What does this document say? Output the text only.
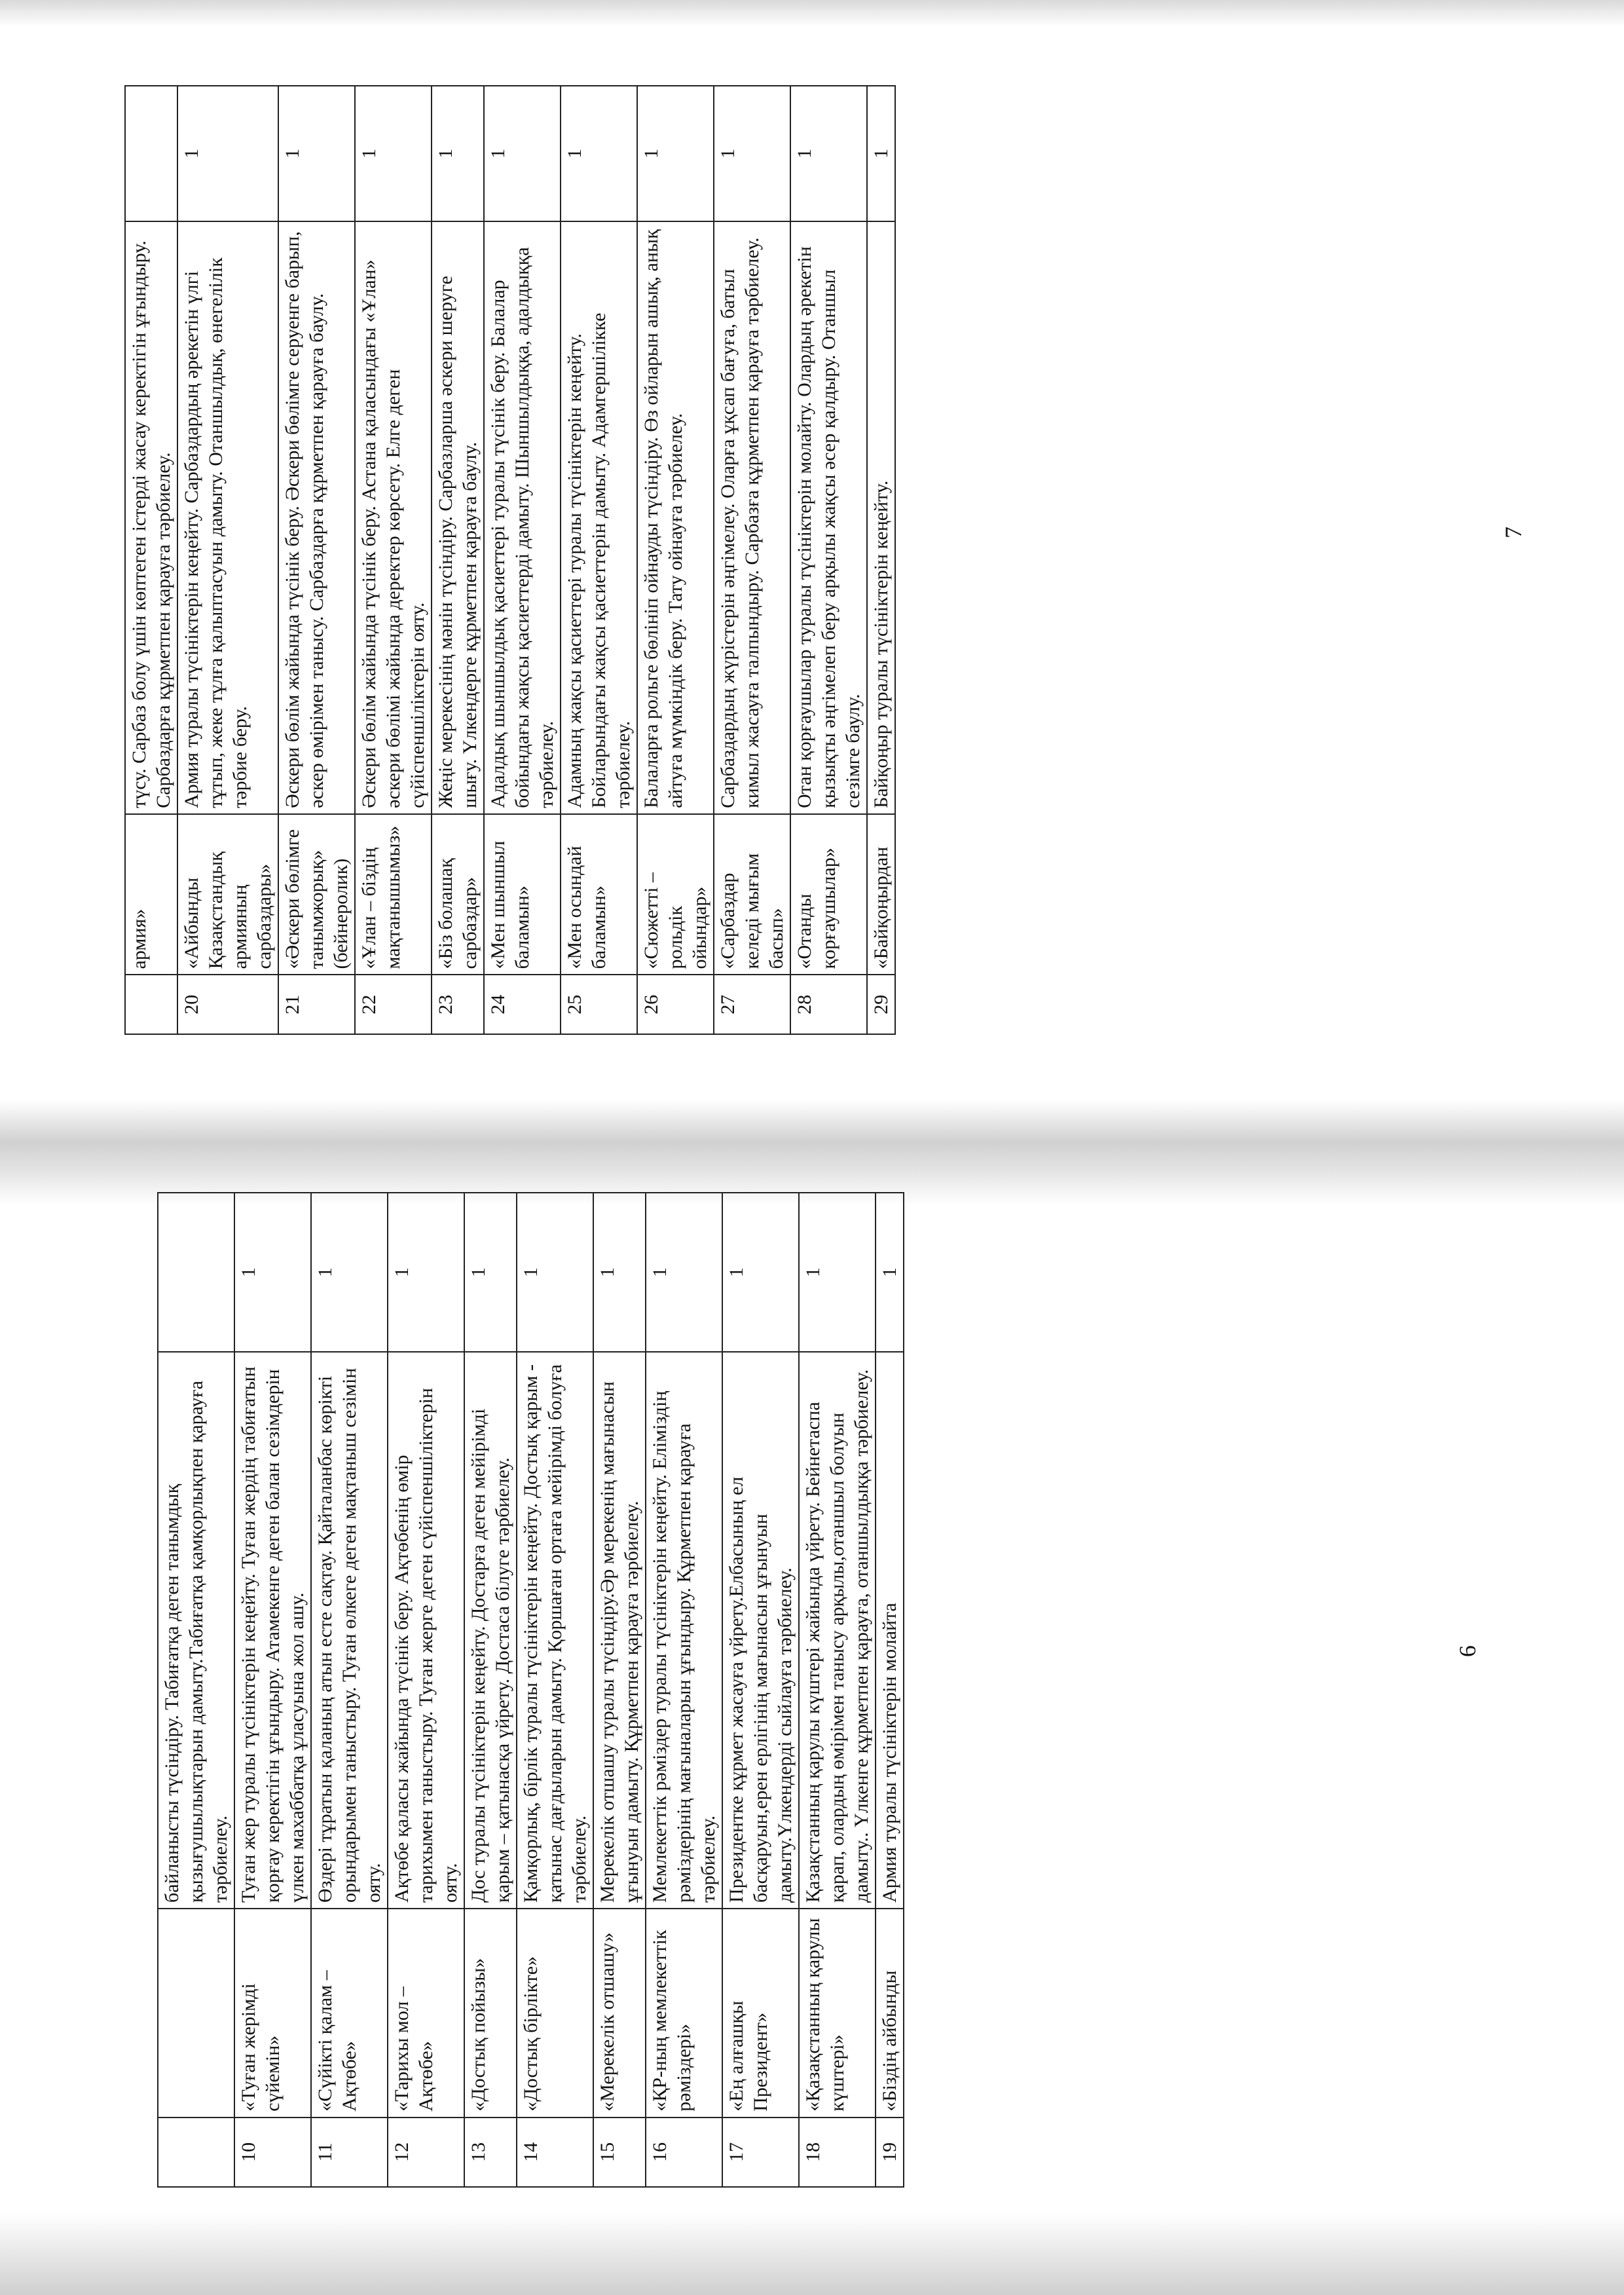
	армия»	түсу. Сарбаз болу үшін көптеген істерді жасау керектігін ұғындыру. Сарбаздарға құрметпен қарауға тәрбиелеу.	
20	«Айбынды Қазақстандық армияның сарбаздары»	Армия туралы түсініктерін кеңейту. Сарбаздардың әрекетін үлгі тұтып, жеке тұлға қалыптасуын дамыту. Отаншылдық, өнегелілік тәрбие беру.	1
21	«Әскери бөлімге танымжорық» (бейнеролик)	Әскери бөлім жайында түсінік беру. Әскери бөлімге серуенге барып, әскер өмірімен танысу. Сарбаздарға құрметпен қарауға баулу.	1
22	«Ұлан – біздің мақтанышымыз»	Әскери бөлім жайында түсінік беру. Астана қаласындағы «Ұлан» әскери бөлімі жайында деректер көрсету. Елге деген сүйіспеншіліктерін ояту.	1
23	«Біз болашақ сарбаздар»	Жеңіс мерекесінің мәнін түсіндіру. Сарбазларша әскери шеруге шығу. Үлкендерге құрметпен қарауға баулу.	1
24	«Мен шыншыл баламын»	Адалдық шыншылдық қасиеттері туралы түсінік беру. Балалар бойындағы жақсы қасиеттерді дамыту. Шыншылдыққа, адалдыққа тәрбиелеу.	1
25	«Мен осындай баламын»	Адамның жақсы қасиеттері туралы түсініктерін кеңейту. Бойларындағы жақсы қасиеттерін дамыту. Адамгершілікке тәрбиелеу.	1
26	«Сюжетті – рольдік ойындар»	Балаларға рольге бөлініп ойнауды түсіндіру. Өз ойларын ашық, анық айтуға мүмкіндік беру. Тату ойнауға тәрбиелеу.	1
27	«Сарбаздар келеді мығым басып»	Сарбаздардың жүрістерін әңгімелеу. Оларға ұқсап бағуға, батыл кимыл жасауға талпындыру. Сарбазға құрметпен қарауға тәрбиелеу.	1
28	«Отанды қорғаушылар»	Отан қорғаушылар туралы түсініктерін молайту. Олардың әрекетін қызықты әңгімелеп беру арқылы жақсы әсер қалдыру. Отаншыл сезімге баулу.	1
29	«Байқоңырдан	Байқоңыр туралы түсініктерін кеңейту.	1
7
		байланысты түсіндіру. Табиғатқа деген танымдық қызығушылықтарын дамыту.Табиғатқа қамқорлықпен қарауға тәрбиелеу.	
10	«Туған жерімді сүйемін»	Туған жер туралы түсініктерін кеңейту. Туған жердің табиғатын қорғау керектігін ұғындыру. Атамекенге деген балан сезімдерін үлкен махаббатқа ұласуына жол ашу.	1
11	«Сүйікті қалам – Ақтөбе»	Өздері тұратын қаланың атын есте сақтау. Қайталанбас көрікті орындарымен таныстыру. Туған өлкеге деген мақтаныш сезімін ояту.	1
12	«Тарихы мол – Ақтөбе»	Ақтөбе қаласы жайында түсінік беру. Ақтөбенің өмір тарихымен таныстыру. Туған жерге деген сүйіспеншіліктерін ояту.	1
13	«Достық пойызы»	Дос туралы түсініктерін кеңейту. Достарға деген мейірімді қарым – қатынасқа үйрету. Достаса білуге тәрбиелеу.	1
14	«Достық бірлікте»	Қамқорлық, бірлік туралы түсініктерін кеңейту. Достық қарым - қатынас дағдыларын дамыту. Қоршаған ортаға мейірімді болуға тәрбиелеу.	1
15	«Мерекелік отшашу»	Мерекелік отшашу туралы түсіндіру.Әр мерекенің мағынасын ұғынуын дамыту. Құрметпен қарауға тәрбиелеу.	1
16	«ҚР-ның мемлекеттік рәміздері»	Мемлекеттік рәміздер туралы түсініктерін кеңейту. Еліміздің рәміздерінің мағыналарын ұғындыру. Құрметпен қарауға тәрбиелеу.	1
17	«Ең алғашқы Президент»	Президентке құрмет жасауға үйрету.Елбасының ел басқаруын,ерен ерлігінің мағынасын ұғынуын дамыту.Үлкендерді сыйлауға тәрбиелеу.	1
18	«Қазақстанның қарулы күштері»	Қазақстанның қарулы күштері жайында үйрету. Бейнетаспа қарап, олардың өмірімен танысу арқылы,отаншыл болуын дамыту.. Үлкенге құрметпен қарауға, отаншылдыққа тәрбиелеу.	1
19	«Біздің айбынды	Армия туралы түсініктерін молайта	1
6
